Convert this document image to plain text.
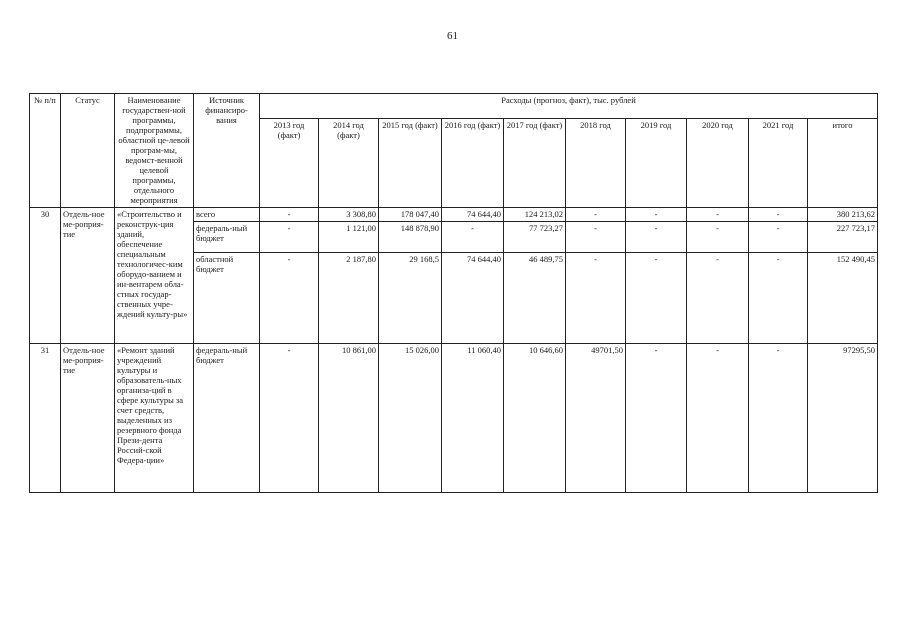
61
№ п/п	Статус	Наименование государствен-ной программы, подпрограммы, областной це-левой програм-мы, ведомст-венной целевой программы, отдельного мероприятия	Источник финансиро-вания	Расходы (прогноз, факт), тыс. рублей									
				2013 год (факт)	2014 год (факт)	2015 год (факт)	2016 год (факт)	2017 год (факт)	2018 год	2019 год	2020 год	2021 год	итого
30	Отдель-ное ме-роприя-тие	«Строительство и реконструк-ция зданий, обеспечение специальным технологичес-ким оборудо-ванием и ин-вентарем обла-стных государ-ственных учре-ждений культу-ры»	всего	-	3 308,80	178 047,40	74 644,40	124 213,02	-	-	-	-	380 213,62
			федераль-ный бюджет	-	1 121,00	148 878,90	-	77 723,27	-	-	-	-	227 723,17
			областной бюджет	-	2 187,80	29 168,5	74 644,40	46 489,75	-	-	-	-	152 490,45
31	Отдель-ное ме-роприя-тие	«Ремонт зданий учреждений культуры и образователь-ных организа-ций в сфере культуры за счет средств, выделенных из резервного фонда Прези-дента Россий-ской Федера-ции»	федераль-ный бюджет	-	10 861,00	15 026,00	11 060,40	10 646,60	49701,50	-	-	-	97295,50
